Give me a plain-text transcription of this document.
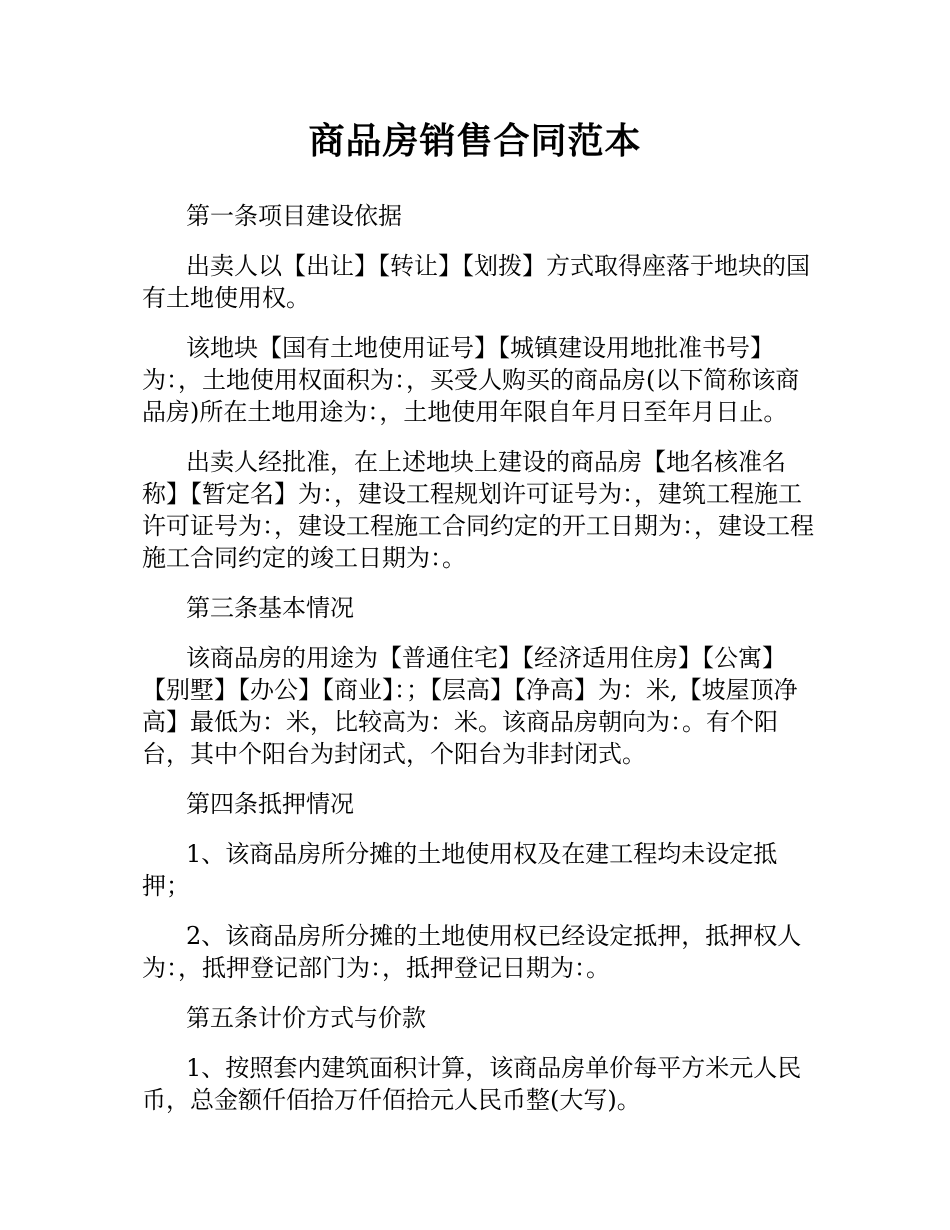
商品房销售合同范本

第一条项目建设依据

出卖人以【出让】【转让】【划拨】方式取得座落于地块的国有土地使用权。

该地块【国有土地使用证号】【城镇建设用地批准书号】为：，土地使用权面积为：，买受人购买的商品房(以下简称该商品房)所在土地用途为：，土地使用年限自年月日至年月日止。

出卖人经批准，在上述地块上建设的商品房【地名核准名称】【暂定名】为：，建设工程规划许可证号为：，建筑工程施工许可证号为：，建设工程施工合同约定的开工日期为：，建设工程施工合同约定的竣工日期为：。

第三条基本情况

该商品房的用途为【普通住宅】【经济适用住房】【公寓】【别墅】【办公】【商业】：；【层高】【净高】为：米,【坡屋顶净高】最低为：米，比较高为：米。该商品房朝向为：。有个阳台，其中个阳台为封闭式，个阳台为非封闭式。

第四条抵押情况

1、该商品房所分摊的土地使用权及在建工程均未设定抵押；

2、该商品房所分摊的土地使用权已经设定抵押，抵押权人为：，抵押登记部门为：，抵押登记日期为：。

第五条计价方式与价款

1、按照套内建筑面积计算，该商品房单价每平方米元人民币，总金额仟佰拾万仟佰拾元人民币整(大写)。
